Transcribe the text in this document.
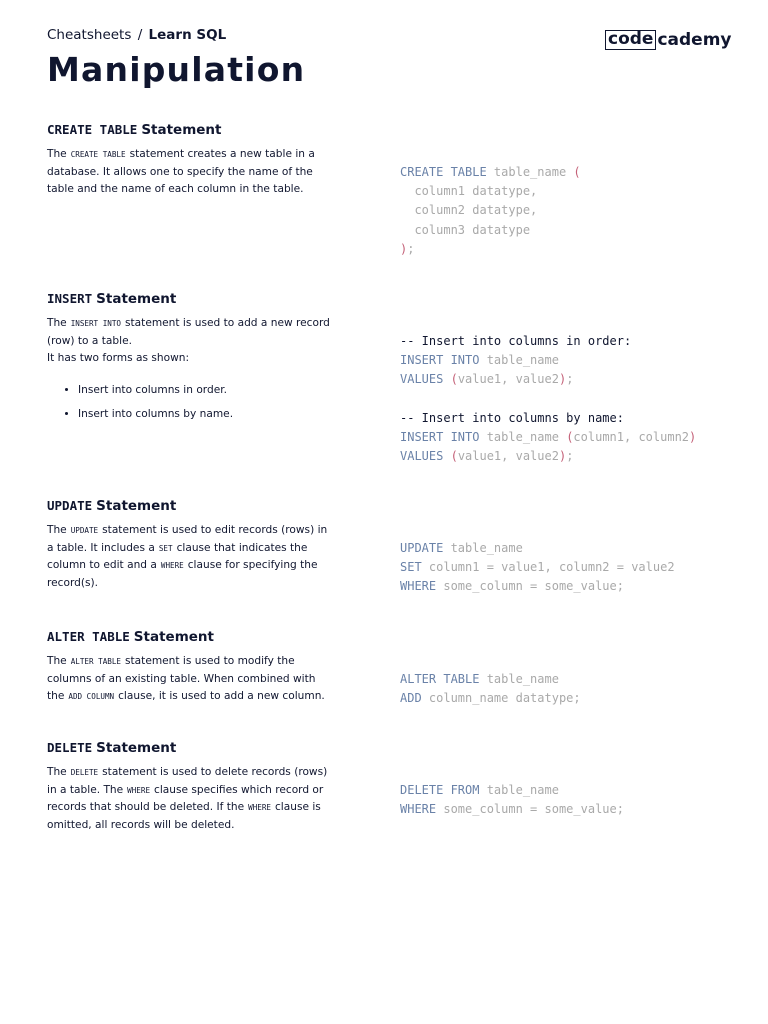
Cheatsheets / Learn SQL
Manipulation
code cademy
CREATE TABLE Statement
The CREATE TABLE statement creates a new table in a database. It allows one to specify the name of the table and the name of each column in the table.
CREATE TABLE table_name (
column1 datatype,
column2 datatype,
column3 datatype
);
INSERT Statement
The INSERT INTO statement is used to add a new record (row) to a table.
It has two forms as shown:
• Insert into columns in order.
• Insert into columns by name.
-- Insert into columns in order:
INSERT INTO table_name
VALUES (value1, value2);

-- Insert into columns by name:
INSERT INTO table_name (column1, column2)
VALUES (value1, value2);
UPDATE Statement
The UPDATE statement is used to edit records (rows) in a table. It includes a SET clause that indicates the column to edit and a WHERE clause for specifying the record(s).
UPDATE table_name
SET column1 = value1, column2 = value2
WHERE some_column = some_value;
ALTER TABLE Statement
The ALTER TABLE statement is used to modify the columns of an existing table. When combined with the ADD COLUMN clause, it is used to add a new column.
ALTER TABLE table_name
ADD column_name datatype;
DELETE Statement
The DELETE statement is used to delete records (rows) in a table. The WHERE clause specifies which record or records that should be deleted. If the WHERE clause is omitted, all records will be deleted.
DELETE FROM table_name
WHERE some_column = some_value;
